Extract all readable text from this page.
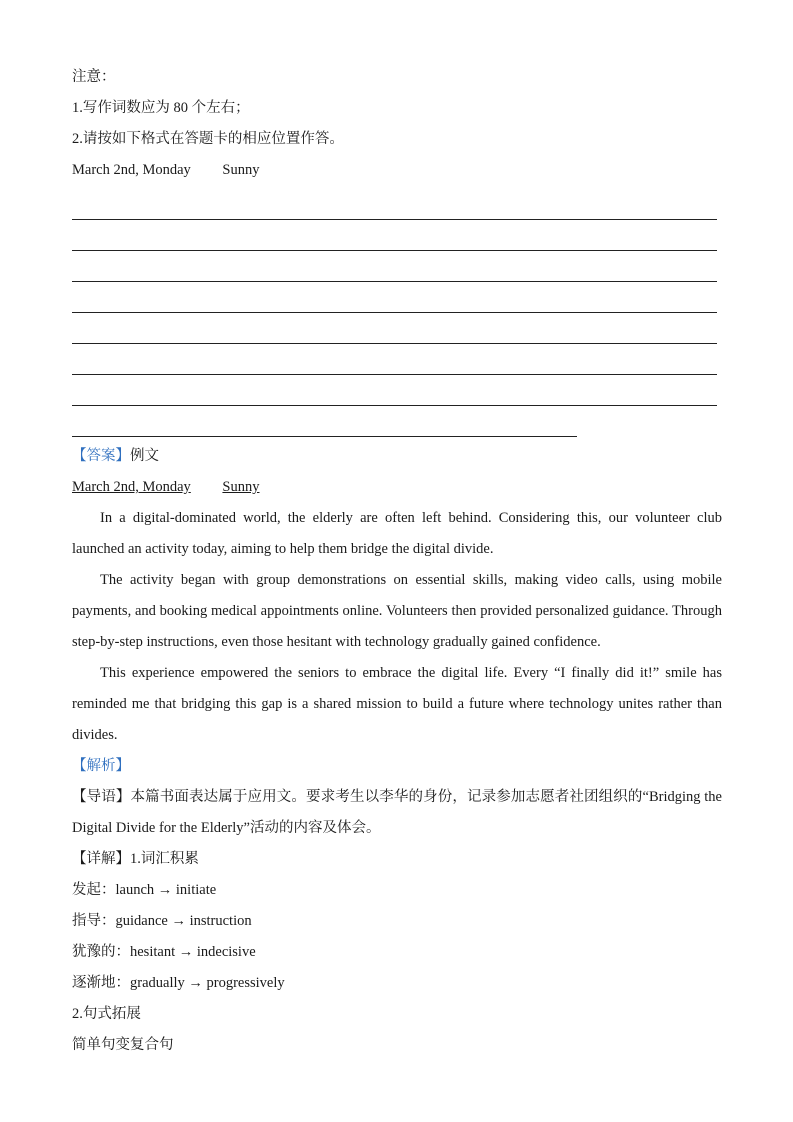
注意：
1.写作词数应为 80 个左右；
2.请按如下格式在答题卡的相应位置作答。
March 2nd, Monday Sunny
【答案】例文
March 2nd, Monday Sunny

In a digital-dominated world, the elderly are often left behind. Considering this, our volunteer club launched an activity today, aiming to help them bridge the digital divide.

The activity began with group demonstrations on essential skills, making video calls, using mobile payments, and booking medical appointments online. Volunteers then provided personalized guidance. Through step-by-step instructions, even those hesitant with technology gradually gained confidence.

This experience empowered the seniors to embrace the digital life. Every “I finally did it!” smile has reminded me that bridging this gap is a shared mission to build a future where technology unites rather than divides.

【解析】

【导语】本篇书面表达属于应用文。要求考生以李华的身份，记录参加志愿者社团组织的“Bridging the Digital Divide for the Elderly”活动的内容及体会。

【详解】1.词汇积累
发起：launch → initiate
指导：guidance → instruction
犹豫的：hesitant → indecisive
逐渐地：gradually → progressively
2.句式拓展
简单句变复合句
